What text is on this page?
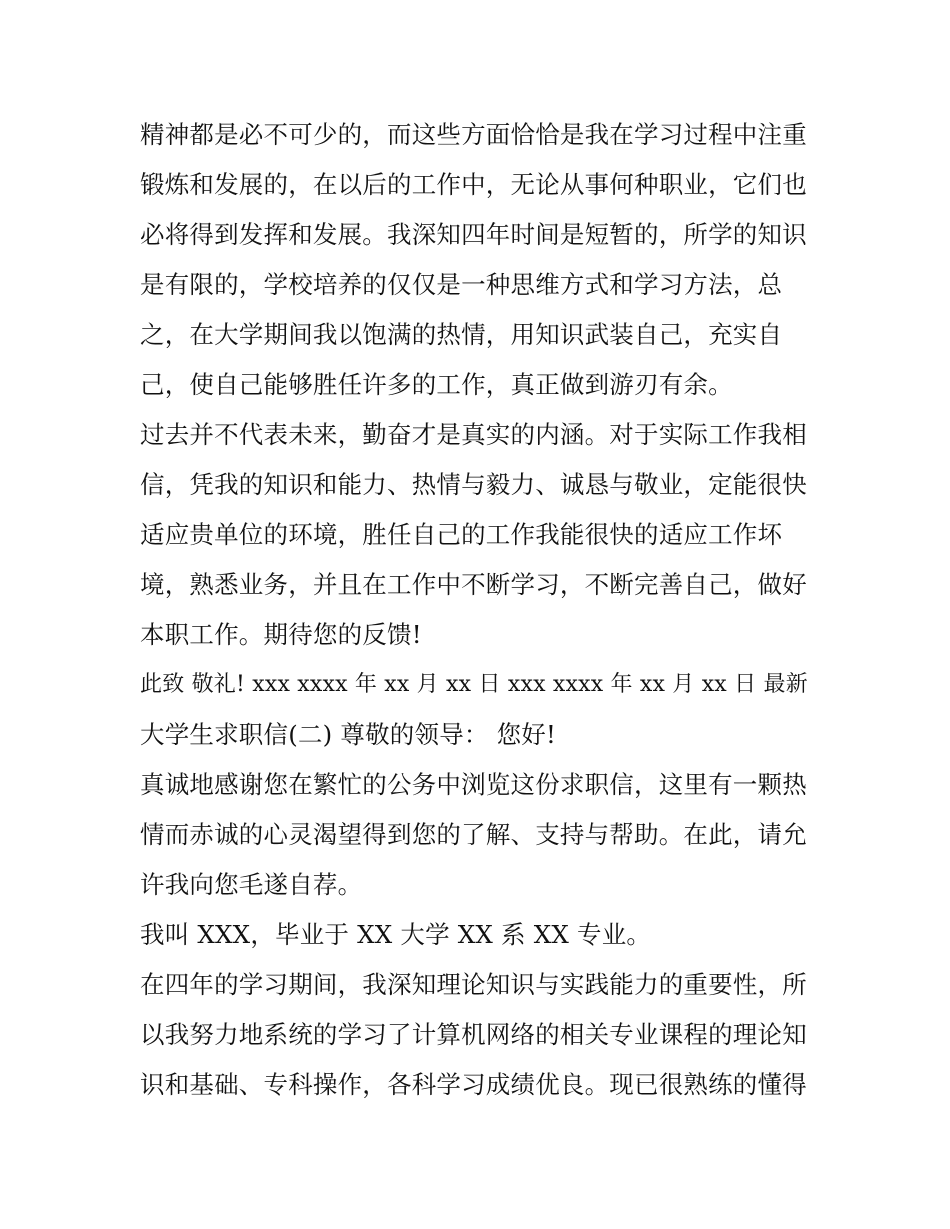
精神都是必不可少的，而这些方面恰恰是我在学习过程中注重
锻炼和发展的，在以后的工作中，无论从事何种职业，它们也
必将得到发挥和发展。我深知四年时间是短暂的，所学的知识
是有限的，学校培养的仅仅是一种思维方式和学习方法，总
之，在大学期间我以饱满的热情，用知识武装自己，充实自
己，使自己能够胜任许多的工作，真正做到游刃有余。
过去并不代表未来，勤奋才是真实的内涵。对于实际工作我相
信，凭我的知识和能力、热情与毅力、诚恳与敬业，定能很快
适应贵单位的环境，胜任自己的工作我能很快的适应工作坏
境，熟悉业务，并且在工作中不断学习，不断完善自己，做好
本职工作。期待您的反馈!
此致 敬礼! xxx xxxx 年 xx 月 xx 日 xxx xxxx 年 xx 月 xx 日 最新
大学生求职信(二) 尊敬的领导： 您好!
真诚地感谢您在繁忙的公务中浏览这份求职信，这里有一颗热
情而赤诚的心灵渴望得到您的了解、支持与帮助。在此，请允
许我向您毛遂自荐。
我叫 XXX，毕业于 XX 大学 XX 系 XX 专业。
在四年的学习期间，我深知理论知识与实践能力的重要性，所
以我努力地系统的学习了计算机网络的相关专业课程的理论知
识和基础、专科操作，各科学习成绩优良。现已很熟练的懂得
